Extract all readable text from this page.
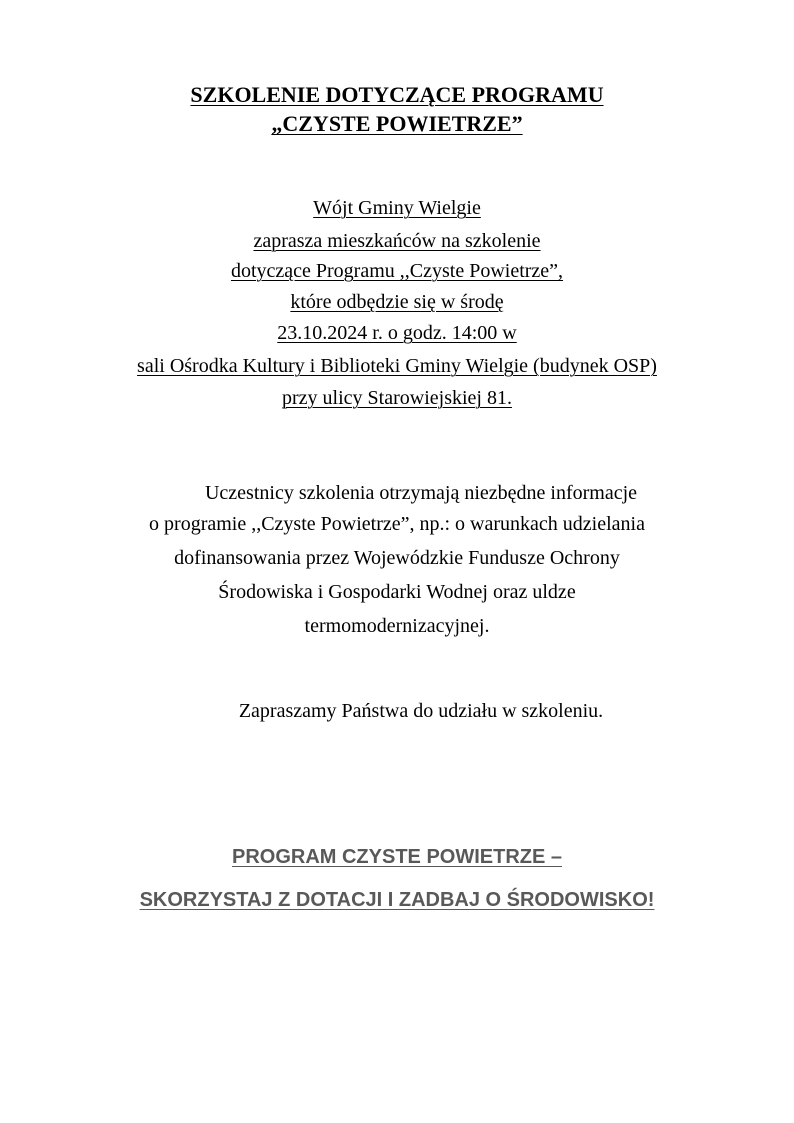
SZKOLENIE DOTYCZĄCE PROGRAMU
„CZYSTE POWIETRZE”
Wójt Gminy Wielgie
zaprasza mieszkańców na szkolenie
dotyczące Programu ,,Czyste Powietrze”,
które odbędzie się w środę
23.10.2024 r. o godz. 14:00 w
sali Ośrodka Kultury i Biblioteki Gminy Wielgie (budynek OSP)
przy ulicy Starowiejskiej 81.
Uczestnicy szkolenia otrzymają niezbędne informacje
o programie ,,Czyste Powietrze”, np.: o warunkach udzielania
dofinansowania przez Wojewódzkie Fundusze Ochrony
Środowiska i Gospodarki Wodnej oraz uldze
termomodernizacyjnej.
Zapraszamy Państwa do udziału w szkoleniu.
PROGRAM CZYSTE POWIETRZE –
SKORZYSTAJ Z DOTACJI I ZADBAJ O ŚRODOWISKO!
